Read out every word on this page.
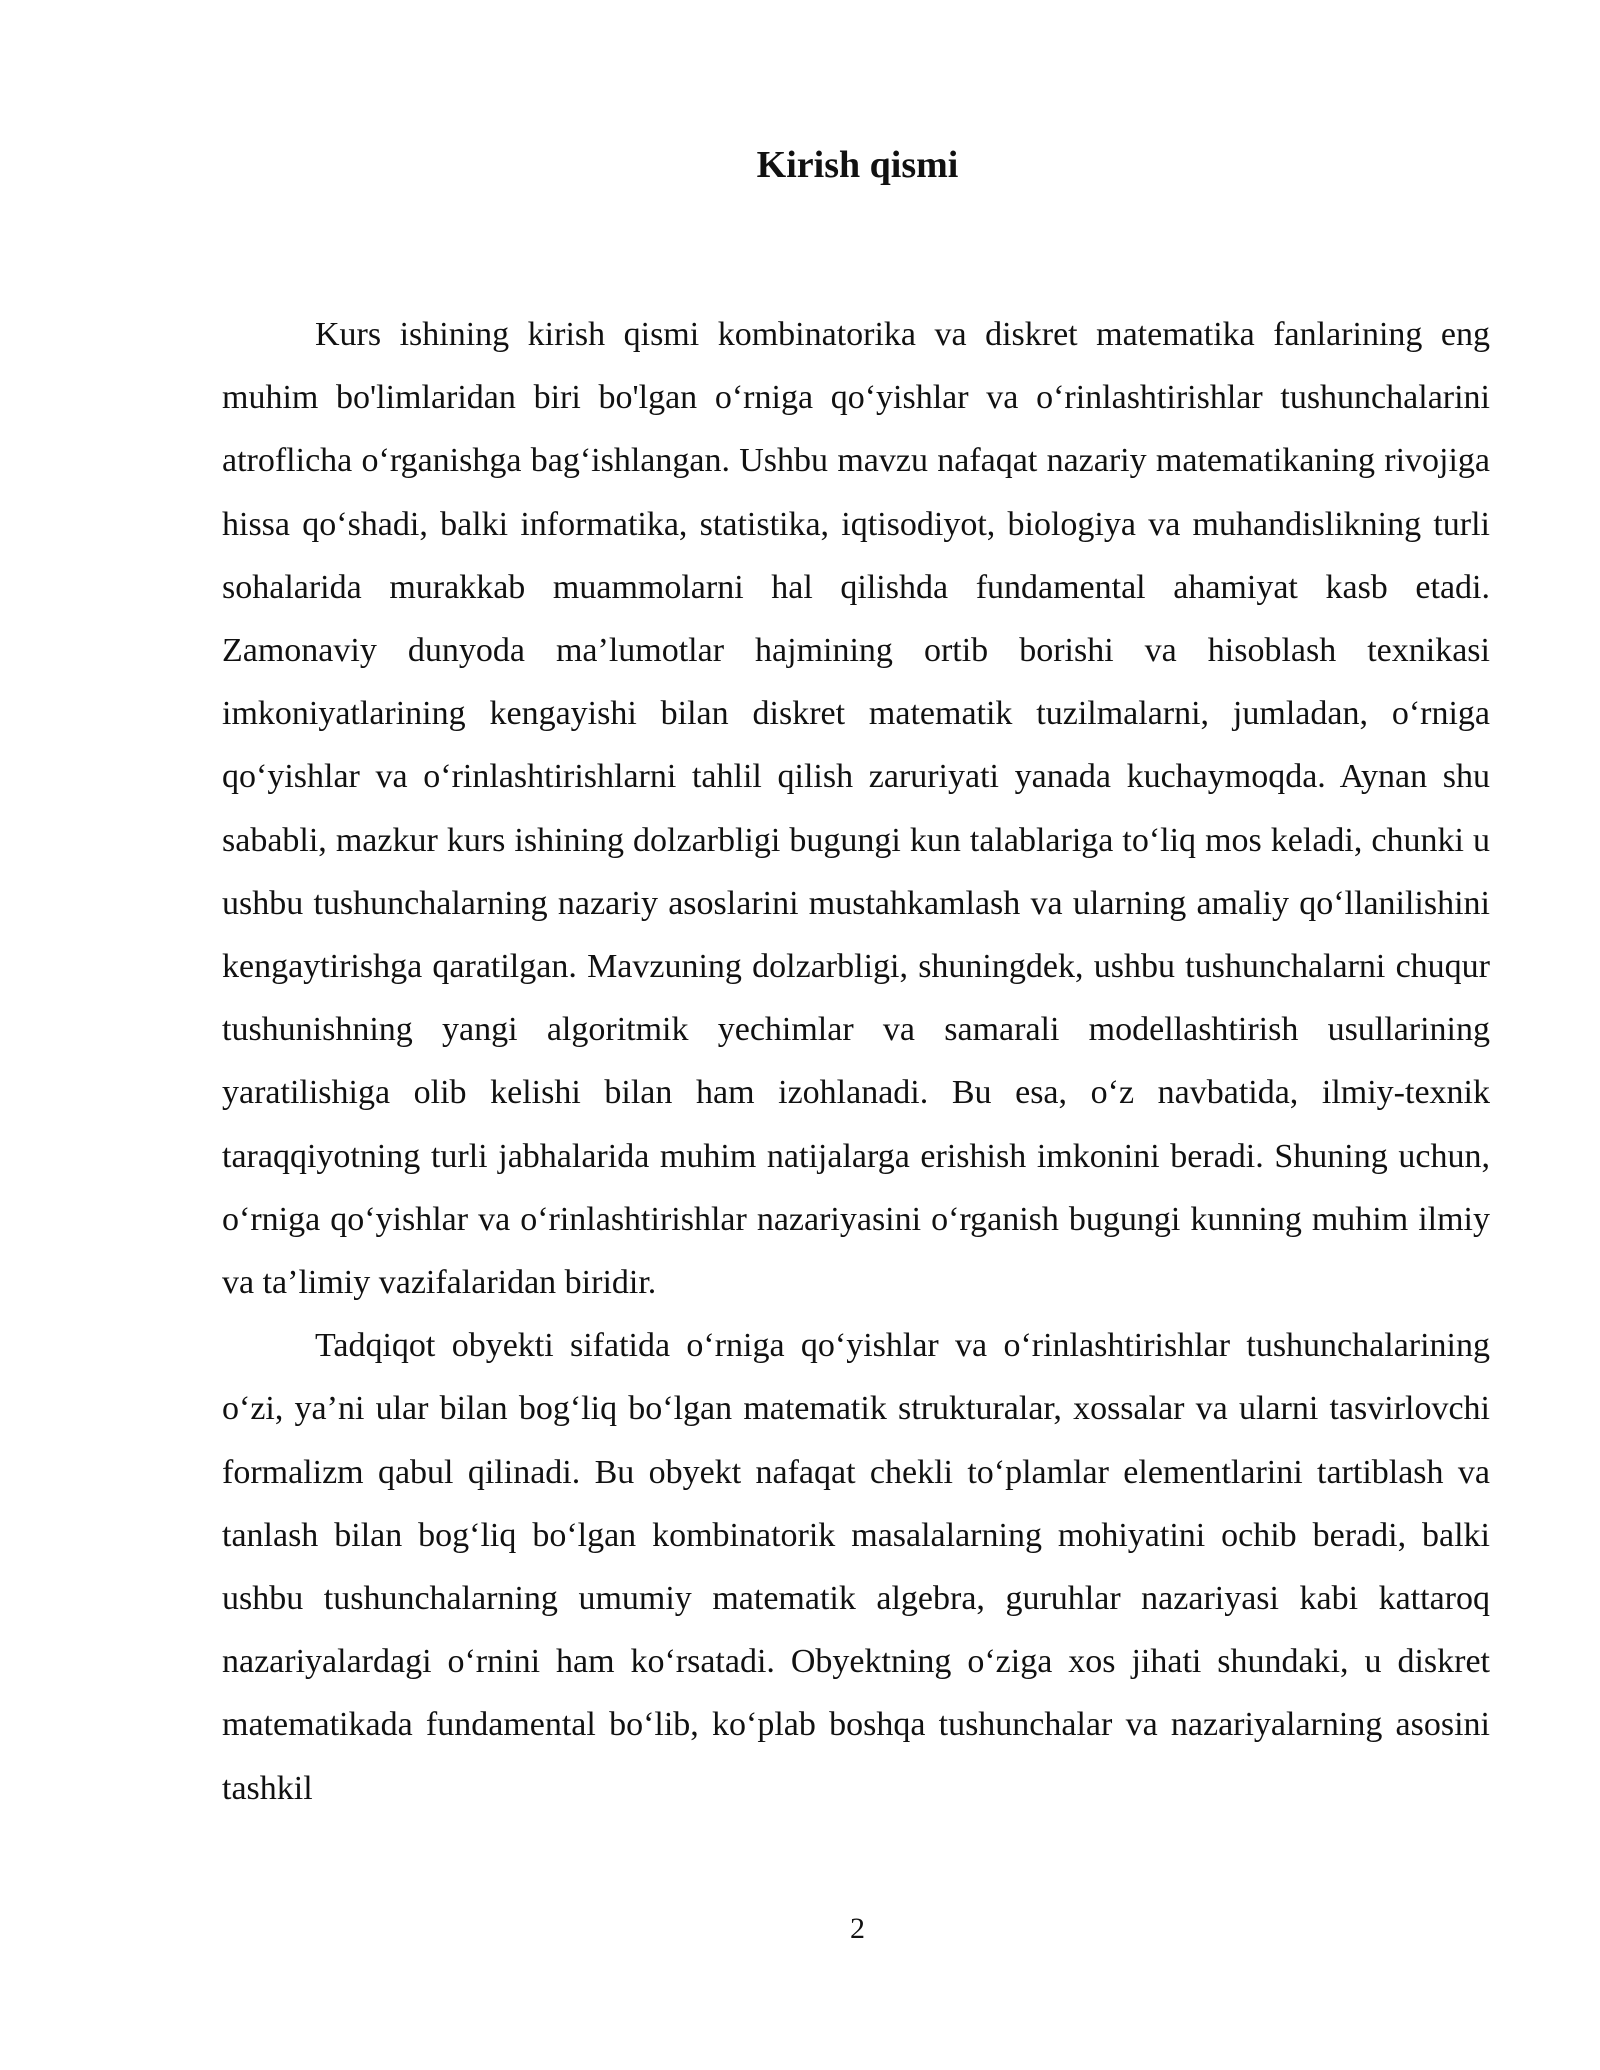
Kirish qismi

Kurs ishining kirish qismi kombinatorika va diskret matematika fanlarining eng muhim bo'limlaridan biri bo'lgan o‘rniga qo‘yishlar va o‘rinlashtirishlar tushunchalarini atroflicha o‘rganishga bag‘ishlangan. Ushbu mavzu nafaqat nazariy matematikaning rivojiga hissa qo‘shadi, balki informatika, statistika, iqtisodiyot, biologiya va muhandislikning turli sohalarida murakkab muammolarni hal qilishda fundamental ahamiyat kasb etadi. Zamonaviy dunyoda ma’lumotlar hajmining ortib borishi va hisoblash texnikasi imkoniyatlarining kengayishi bilan diskret matematik tuzilmalarni, jumladan, o‘rniga qo‘yishlar va o‘rinlashtirishlarni tahlil qilish zaruriyati yanada kuchaymoqda. Aynan shu sababli, mazkur kurs ishining dolzarbligi bugungi kun talablariga to‘liq mos keladi, chunki u ushbu tushunchalarning nazariy asoslarini mustahkamlash va ularning amaliy qo‘llanilishini kengaytirishga qaratilgan. Mavzuning dolzarbligi, shuningdek, ushbu tushunchalarni chuqur tushunishning yangi algoritmik yechimlar va samarali modellashtirish usullarining yaratilishiga olib kelishi bilan ham izohlanadi. Bu esa, o‘z navbatida, ilmiy-texnik taraqqiyotning turli jabhalarida muhim natijalarga erishish imkonini beradi. Shuning uchun, o‘rniga qo‘yishlar va o‘rinlashtirishlar nazariyasini o‘rganish bugungi kunning muhim ilmiy va ta’limiy vazifalaridan biridir.

Tadqiqot obyekti sifatida o‘rniga qo‘yishlar va o‘rinlashtirishlar tushunchalarining o‘zi, ya’ni ular bilan bog‘liq bo‘lgan matematik strukturalar, xossalar va ularni tasvirlovchi formalizm qabul qilinadi. Bu obyekt nafaqat chekli to‘plamlar elementlarini tartiblash va tanlash bilan bog‘liq bo‘lgan kombinatorik masalalarning mohiyatini ochib beradi, balki ushbu tushunchalarning umumiy matematik algebra, guruhlar nazariyasi kabi kattaroq nazariyalardagi o‘rnini ham ko‘rsatadi. Obyektning o‘ziga xos jihati shundaki, u diskret matematikada fundamental bo‘lib, ko‘plab boshqa tushunchalar va nazariyalarning asosini tashkil

2
